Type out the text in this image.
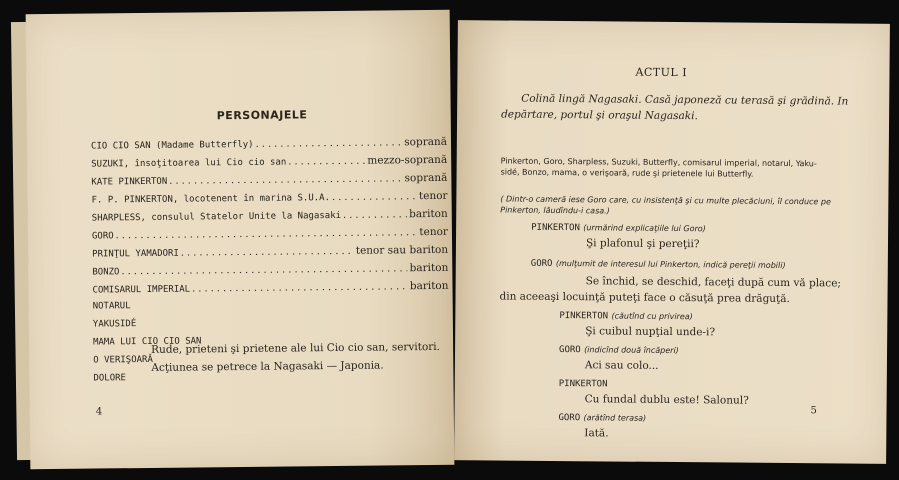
PERSONAJELE
CIO CIO SAN (Madame Butterfly) .....	soprană
SUZUKI, însoţitoarea lui Cio cio san .....	mezzo-soprană
KATE PINKERTON .....	soprană
F. P. PINKERTON, locotenent în marina S.U.A. .....	tenor
SHARPLESS, consulul Statelor Unite la Nagasaki .....	bariton
GORO .....	tenor
PRINŢUL YAMADORI .....	tenor sau bariton
BONZO .....	bariton
COMISARUL IMPERIAL .....	bariton
NOTARUL
YAKUSIDÉ
MAMA LUI CIO CIO SAN
O VERIŞOARĂ
DOLORE
Rude, prieteni şi prietene ale lui Cio cio san, servitori.
Acţiunea se petrece la Nagasaki — Japonia.
4
ACTUL I
Colină lingă Nagasaki. Casă japoneză cu terasă şi grădină. In
depărtare, portul şi oraşul Nagasaki.
Pinkerton, Goro, Sharpless, Suzuki, Butterfly, comisarul imperial, notarul, Yaku-
sidé, Bonzo, mama, o verişoară, rude şi prietenele lui Butterfly.
( Dintr-o cameră iese Goro care, cu insistenţă şi cu multe plecăciuni, îl conduce pe
Pinkerton, lăudîndu-i casa.)
PINKERTON (urmărind explicaţiile lui Goro)
Şi plafonul şi pereţii?
GORO (mulţumit de interesul lui Pinkerton, indică pereţii mobili)
Se închid, se deschid, faceţi după cum vă place;
din aceeaşi locuinţă puteţi face o căsuţă prea drăguţă.
PINKERTON (căutînd cu privirea)
Şi cuibul nupţial unde-i?
GORO (indicînd două încăperi)
Aci sau colo...
PINKERTON
Cu fundal dublu este! Salonul?
GORO (arătînd terasa)
Iată.
5
